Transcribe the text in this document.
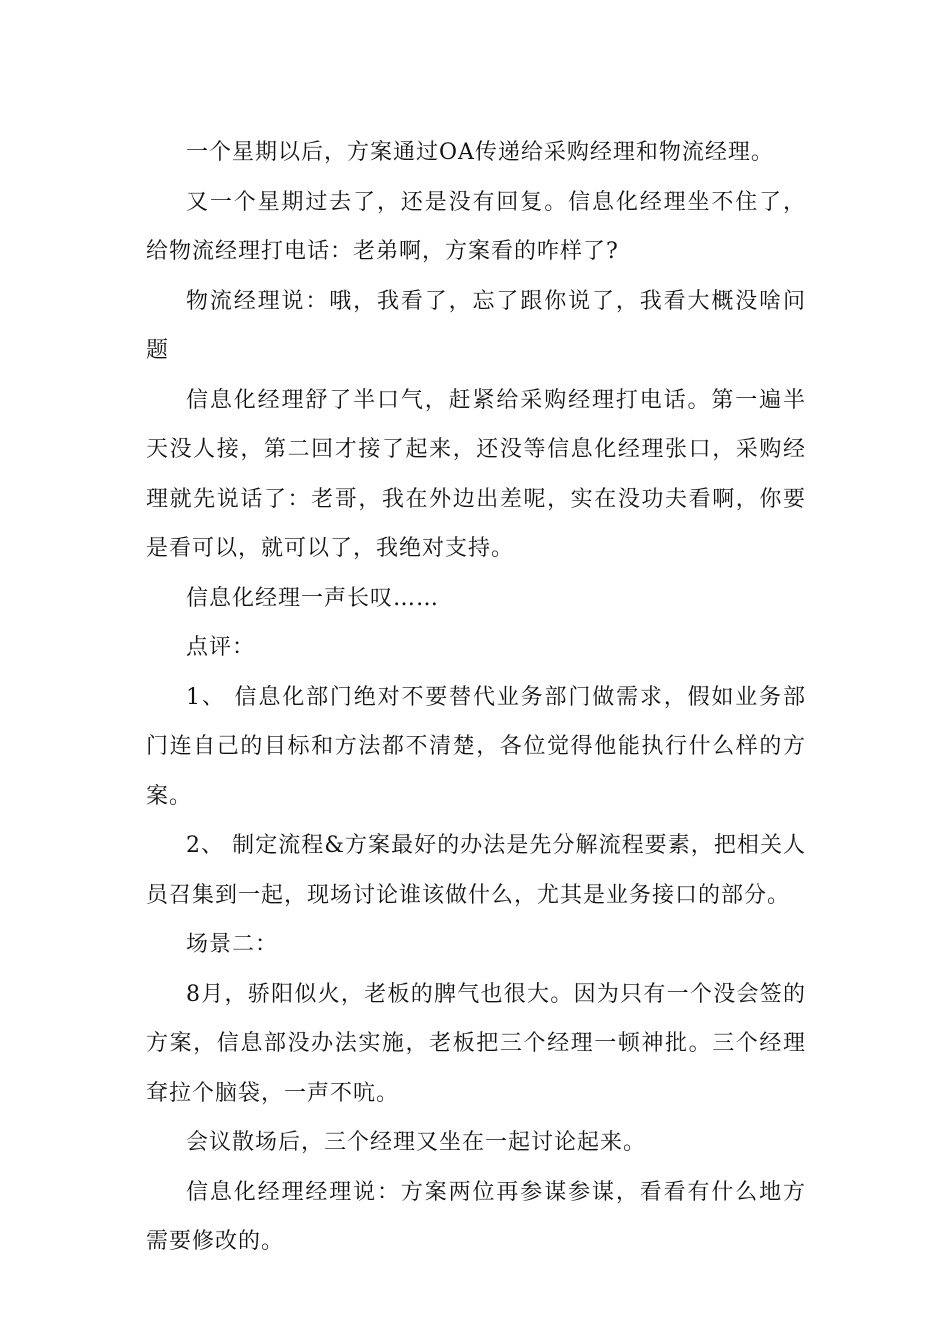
一个星期以后，方案通过OA传递给采购经理和物流经理。

又一个星期过去了，还是没有回复。信息化经理坐不住了，给物流经理打电话：老弟啊，方案看的咋样了?

物流经理说：哦，我看了，忘了跟你说了，我看大概没啥问题

信息化经理舒了半口气，赶紧给采购经理打电话。第一遍半天没人接，第二回才接了起来，还没等信息化经理张口，采购经理就先说话了：老哥，我在外边出差呢，实在没功夫看啊，你要是看可以，就可以了，我绝对支持。

信息化经理一声长叹……

点评：

1、 信息化部门绝对不要替代业务部门做需求，假如业务部门连自己的目标和方法都不清楚，各位觉得他能执行什么样的方案。

2、 制定流程&方案最好的办法是先分解流程要素，把相关人员召集到一起，现场讨论谁该做什么，尤其是业务接口的部分。

场景二：

8月，骄阳似火，老板的脾气也很大。因为只有一个没会签的方案，信息部没办法实施，老板把三个经理一顿神批。三个经理耷拉个脑袋，一声不吭。

会议散场后，三个经理又坐在一起讨论起来。

信息化经理经理说：方案两位再参谋参谋，看看有什么地方需要修改的。
